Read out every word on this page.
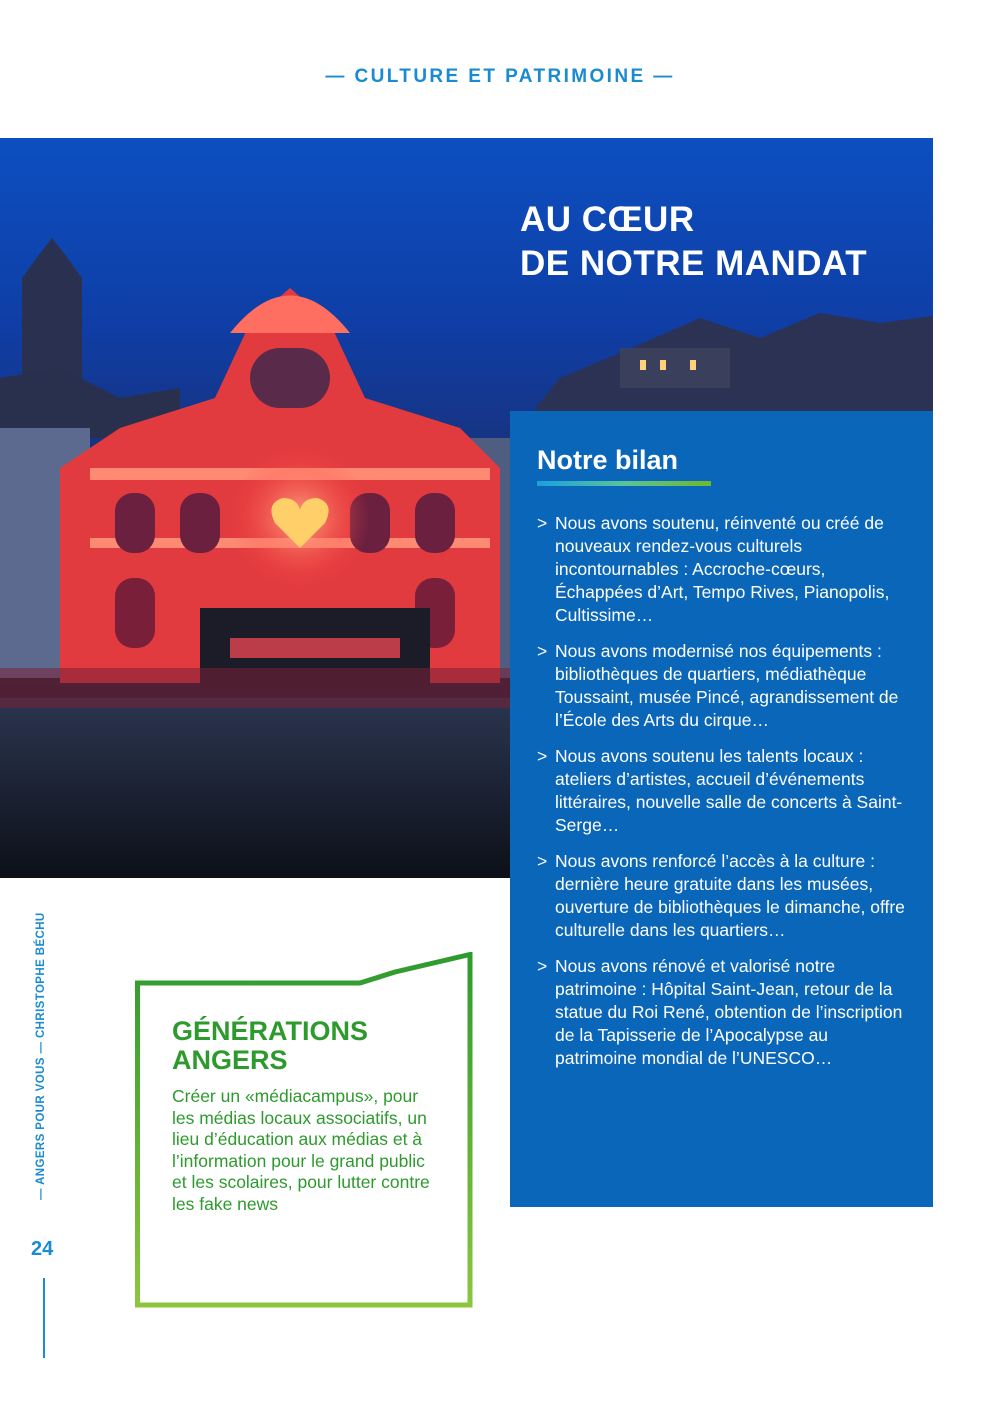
— CULTURE ET PATRIMOINE —
AU CŒUR
DE NOTRE MANDAT
Notre bilan
> Nous avons soutenu, réinventé ou créé de nouveaux rendez-vous culturels incontournables : Accroche-cœurs, Échappées d’Art, Tempo Rives, Pianopolis, Cultissime…
> Nous avons modernisé nos équipements : bibliothèques de quartiers, médiathèque Toussaint, musée Pincé, agrandissement de l’École des Arts du cirque…
> Nous avons soutenu les talents locaux : ateliers d’artistes, accueil d’événements littéraires, nouvelle salle de concerts à Saint-Serge…
> Nous avons renforcé l’accès à la culture : dernière heure gratuite dans les musées, ouverture de bibliothèques le dimanche, offre culturelle dans les quartiers…
> Nous avons rénové et valorisé notre patrimoine : Hôpital Saint-Jean, retour de la statue du Roi René, obtention de l’inscription de la Tapisserie de l’Apocalypse au patrimoine mondial de l’UNESCO…
— ANGERS POUR VOUS — CHRISTOPHE BÉCHU
24
GÉNÉRATIONS
ANGERS

Créer un «médiacampus», pour les médias locaux associatifs, un lieu d’éducation aux médias et à l’information pour le grand public et les scolaires, pour lutter contre les fake news
